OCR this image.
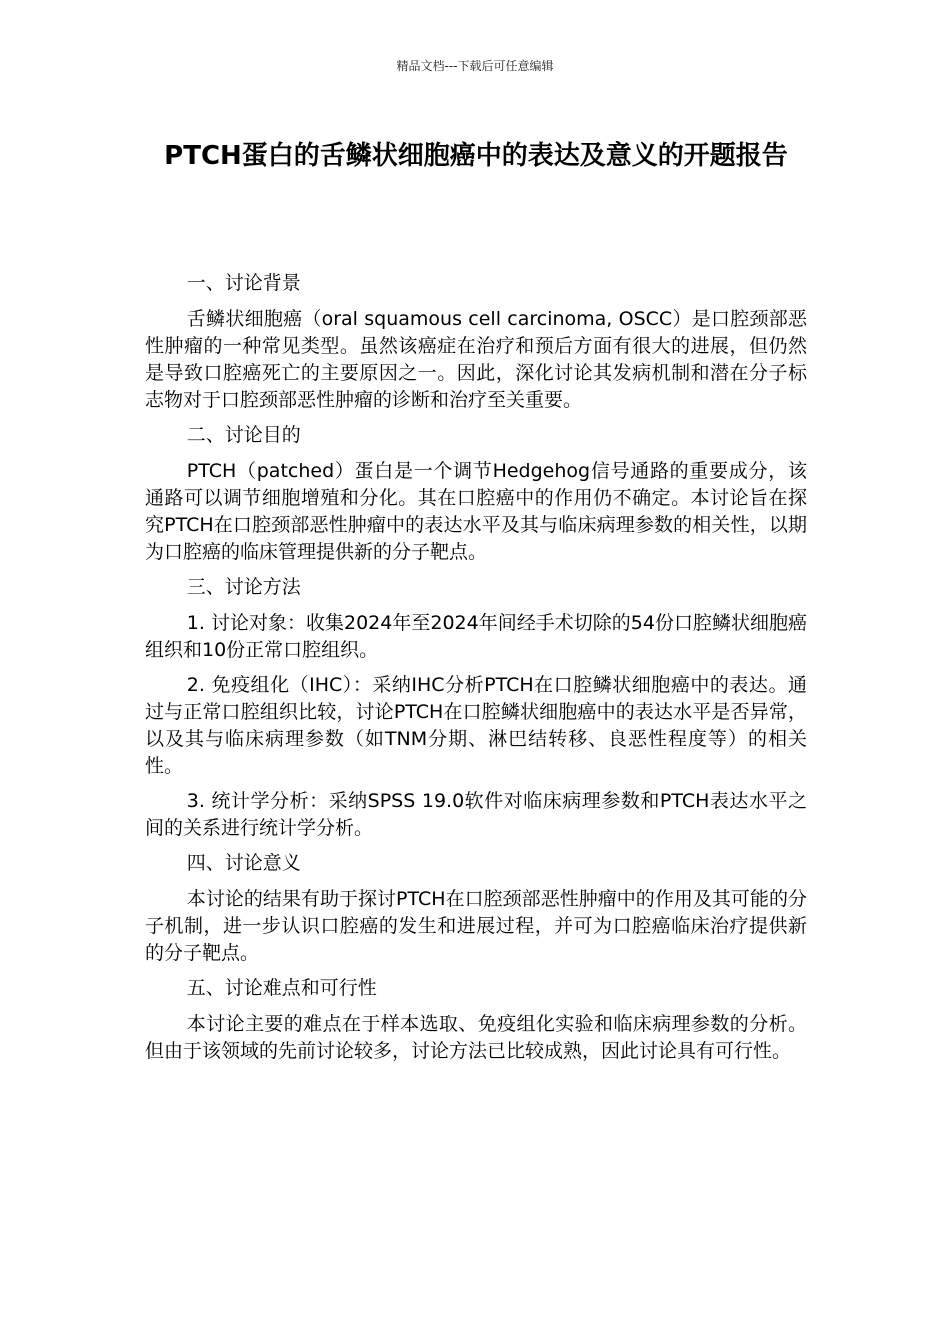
精品文档---下载后可任意编辑
PTCH蛋白的舌鳞状细胞癌中的表达及意义的开题报告

一、讨论背景

舌鳞状细胞癌（oral squamous cell carcinoma, OSCC）是口腔颈部恶性肿瘤的一种常见类型。虽然该癌症在治疗和预后方面有很大的进展，但仍然是导致口腔癌死亡的主要原因之一。因此，深化讨论其发病机制和潜在分子标志物对于口腔颈部恶性肿瘤的诊断和治疗至关重要。

二、讨论目的

PTCH（patched）蛋白是一个调节Hedgehog信号通路的重要成分，该通路可以调节细胞增殖和分化。其在口腔癌中的作用仍不确定。本讨论旨在探究PTCH在口腔颈部恶性肿瘤中的表达水平及其与临床病理参数的相关性，以期为口腔癌的临床管理提供新的分子靶点。

三、讨论方法

1. 讨论对象：收集2024年至2024年间经手术切除的54份口腔鳞状细胞癌组织和10份正常口腔组织。

2. 免疫组化（IHC）：采纳IHC分析PTCH在口腔鳞状细胞癌中的表达。通过与正常口腔组织比较，讨论PTCH在口腔鳞状细胞癌中的表达水平是否异常，以及其与临床病理参数（如TNM分期、淋巴结转移、良恶性程度等）的相关性。

3. 统计学分析：采纳SPSS 19.0软件对临床病理参数和PTCH表达水平之间的关系进行统计学分析。

四、讨论意义

本讨论的结果有助于探讨PTCH在口腔颈部恶性肿瘤中的作用及其可能的分子机制，进一步认识口腔癌的发生和进展过程，并可为口腔癌临床治疗提供新的分子靶点。

五、讨论难点和可行性

本讨论主要的难点在于样本选取、免疫组化实验和临床病理参数的分析。但由于该领域的先前讨论较多，讨论方法已比较成熟，因此讨论具有可行性。
